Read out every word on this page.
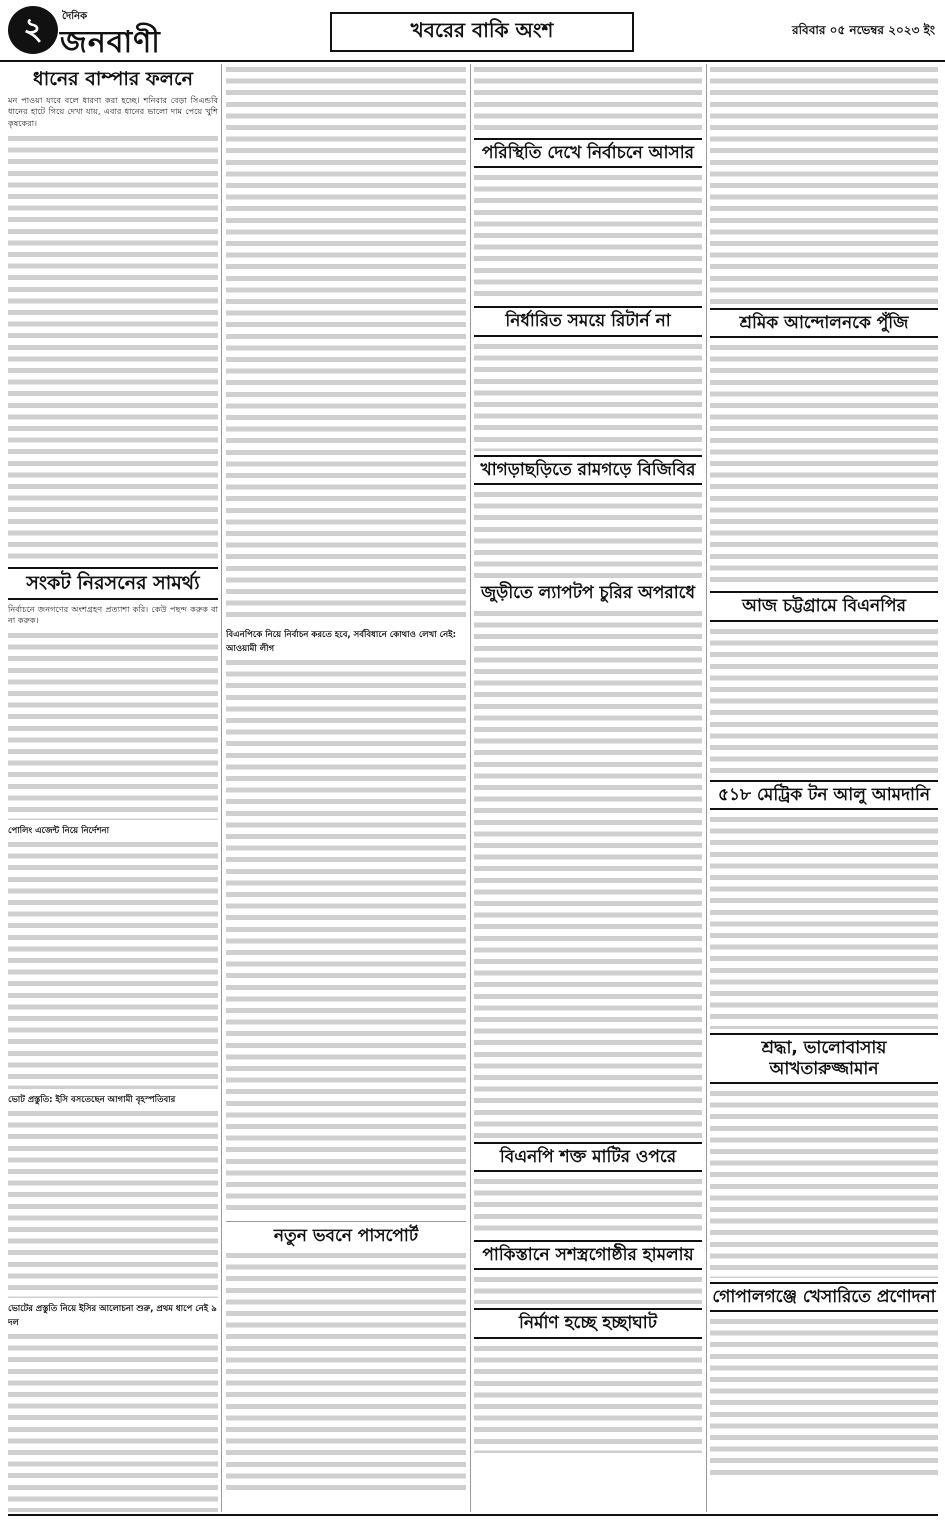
২	দৈনিক
জনবাণী	খবরের বাকি অংশ	রবিবার ০৫ নভেম্বর ২০২৩ ইং
ধানের বাম্পার ফলনে

মন পাওয়া যাবে বলে ধারণা করা হচ্ছে। শনিবার বেড়া সিএন্ডবি ধানের হাটে গিয়ে দেখা যায়, এবার ধানের ভালো দাম পেয়ে খুশি কৃষকেরা।

সংকট নিরসনের সামর্থ্য

নির্বাচনে জনগণের অংশগ্রহণ প্রত্যাশা করি। কেউ পছন্দ করুক বা না করুক।

পোলিং এজেন্ট নিয়ে নির্দেশনা
ভোট প্রস্তুতি: ইসি বসতেছেন আগামী বৃহস্পতিবার
ভোটের প্রস্তুতি নিয়ে ইসির আলোচনা শুরু, প্রথম ধাপে নেই ৯ দল
বিএনপিকে নিয়ে নির্বাচন করতে হবে, সর্ববিধানে কোথাও লেখা নেই: আওয়ামী লীগ
নতুন ভবনে পাসপোর্ট
পরিস্থিতি দেখে নির্বাচনে আসার
নির্ধারিত সময়ে রিটার্ন না
খাগড়াছড়িতে রামগড়ে বিজিবির
জুড়ীতে ল্যাপটপ চুরির অপরাধে
বিএনপি শক্ত মাটির ওপরে
পাকিস্তানে সশস্ত্রগোষ্ঠীর হামলায়
নির্মাণ হচ্ছে হচ্ছাঘাট
শ্রমিক আন্দোলনকে পুঁজি
আজ চট্টগ্রামে বিএনপির
৫১৮ মেট্রিক টন আলু আমদানি
শ্রদ্ধা, ভালোবাসায় আখতারুজ্জামান
গোপালগঞ্জে খেসারিতে প্রণোদনা
